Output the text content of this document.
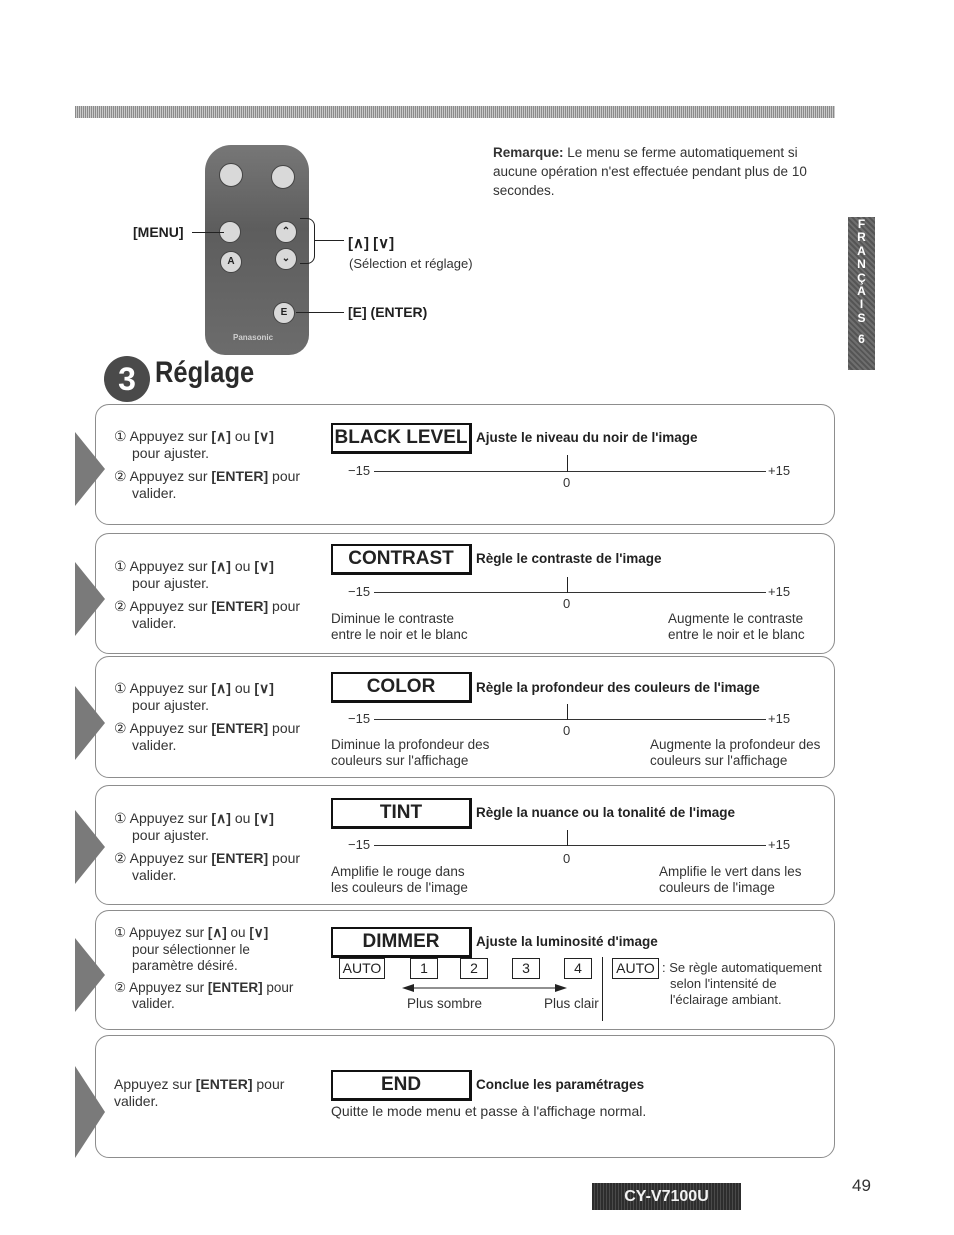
⌃
⌄
A
E
Panasonic
[MENU]
[∧] [∨]
(Sélection et réglage)
[E] (ENTER)
Remarque: Le menu se ferme automatiquement si aucune opération n'est effectuée pendant plus de 10 secondes.
F
R
A
N
Ç
A
I
S
6
3 Réglage
① Appuyez sur [∧] ou [∨]
pour ajuster.
② Appuyez sur [ENTER] pour
valider.
BLACK LEVEL Ajuste le niveau du noir de l'image
−15
0
+15
① Appuyez sur [∧] ou [∨]
pour ajuster.
② Appuyez sur [ENTER] pour
valider.
CONTRAST	Règle le contraste de l'image
−15
0
+15
Diminue le contraste
entre le noir et le blanc
Augmente le contraste
entre le noir et le blanc
① Appuyez sur [∧] ou [∨]
pour ajuster.
② Appuyez sur [ENTER] pour
valider.
COLOR	Règle la profondeur des couleurs de l'image
−15
0
+15
Diminue la profondeur des
couleurs sur l'affichage
Augmente la profondeur des
couleurs sur l'affichage
① Appuyez sur [∧] ou [∨]
pour ajuster.
② Appuyez sur [ENTER] pour
valider.
TINT	Règle la nuance ou la tonalité de l'image
−15
0
+15
Amplifie le rouge dans
les couleurs de l'image
Amplifie le vert dans les
couleurs de l'image
① Appuyez sur [∧] ou [∨]
pour sélectionner le
paramètre désiré.
② Appuyez sur [ENTER] pour
valider.
DIMMER	Ajuste la luminosité d'image
AUTO	1	2	3	4
Plus sombre	Plus clair
AUTO : Se règle automatiquement
selon l'intensité de
l'éclairage ambiant.
Appuyez sur [ENTER] pour
valider.
END	Conclue les paramétrages
Quitte le mode menu et passe à l'affichage normal.
CY-V7100U
49
